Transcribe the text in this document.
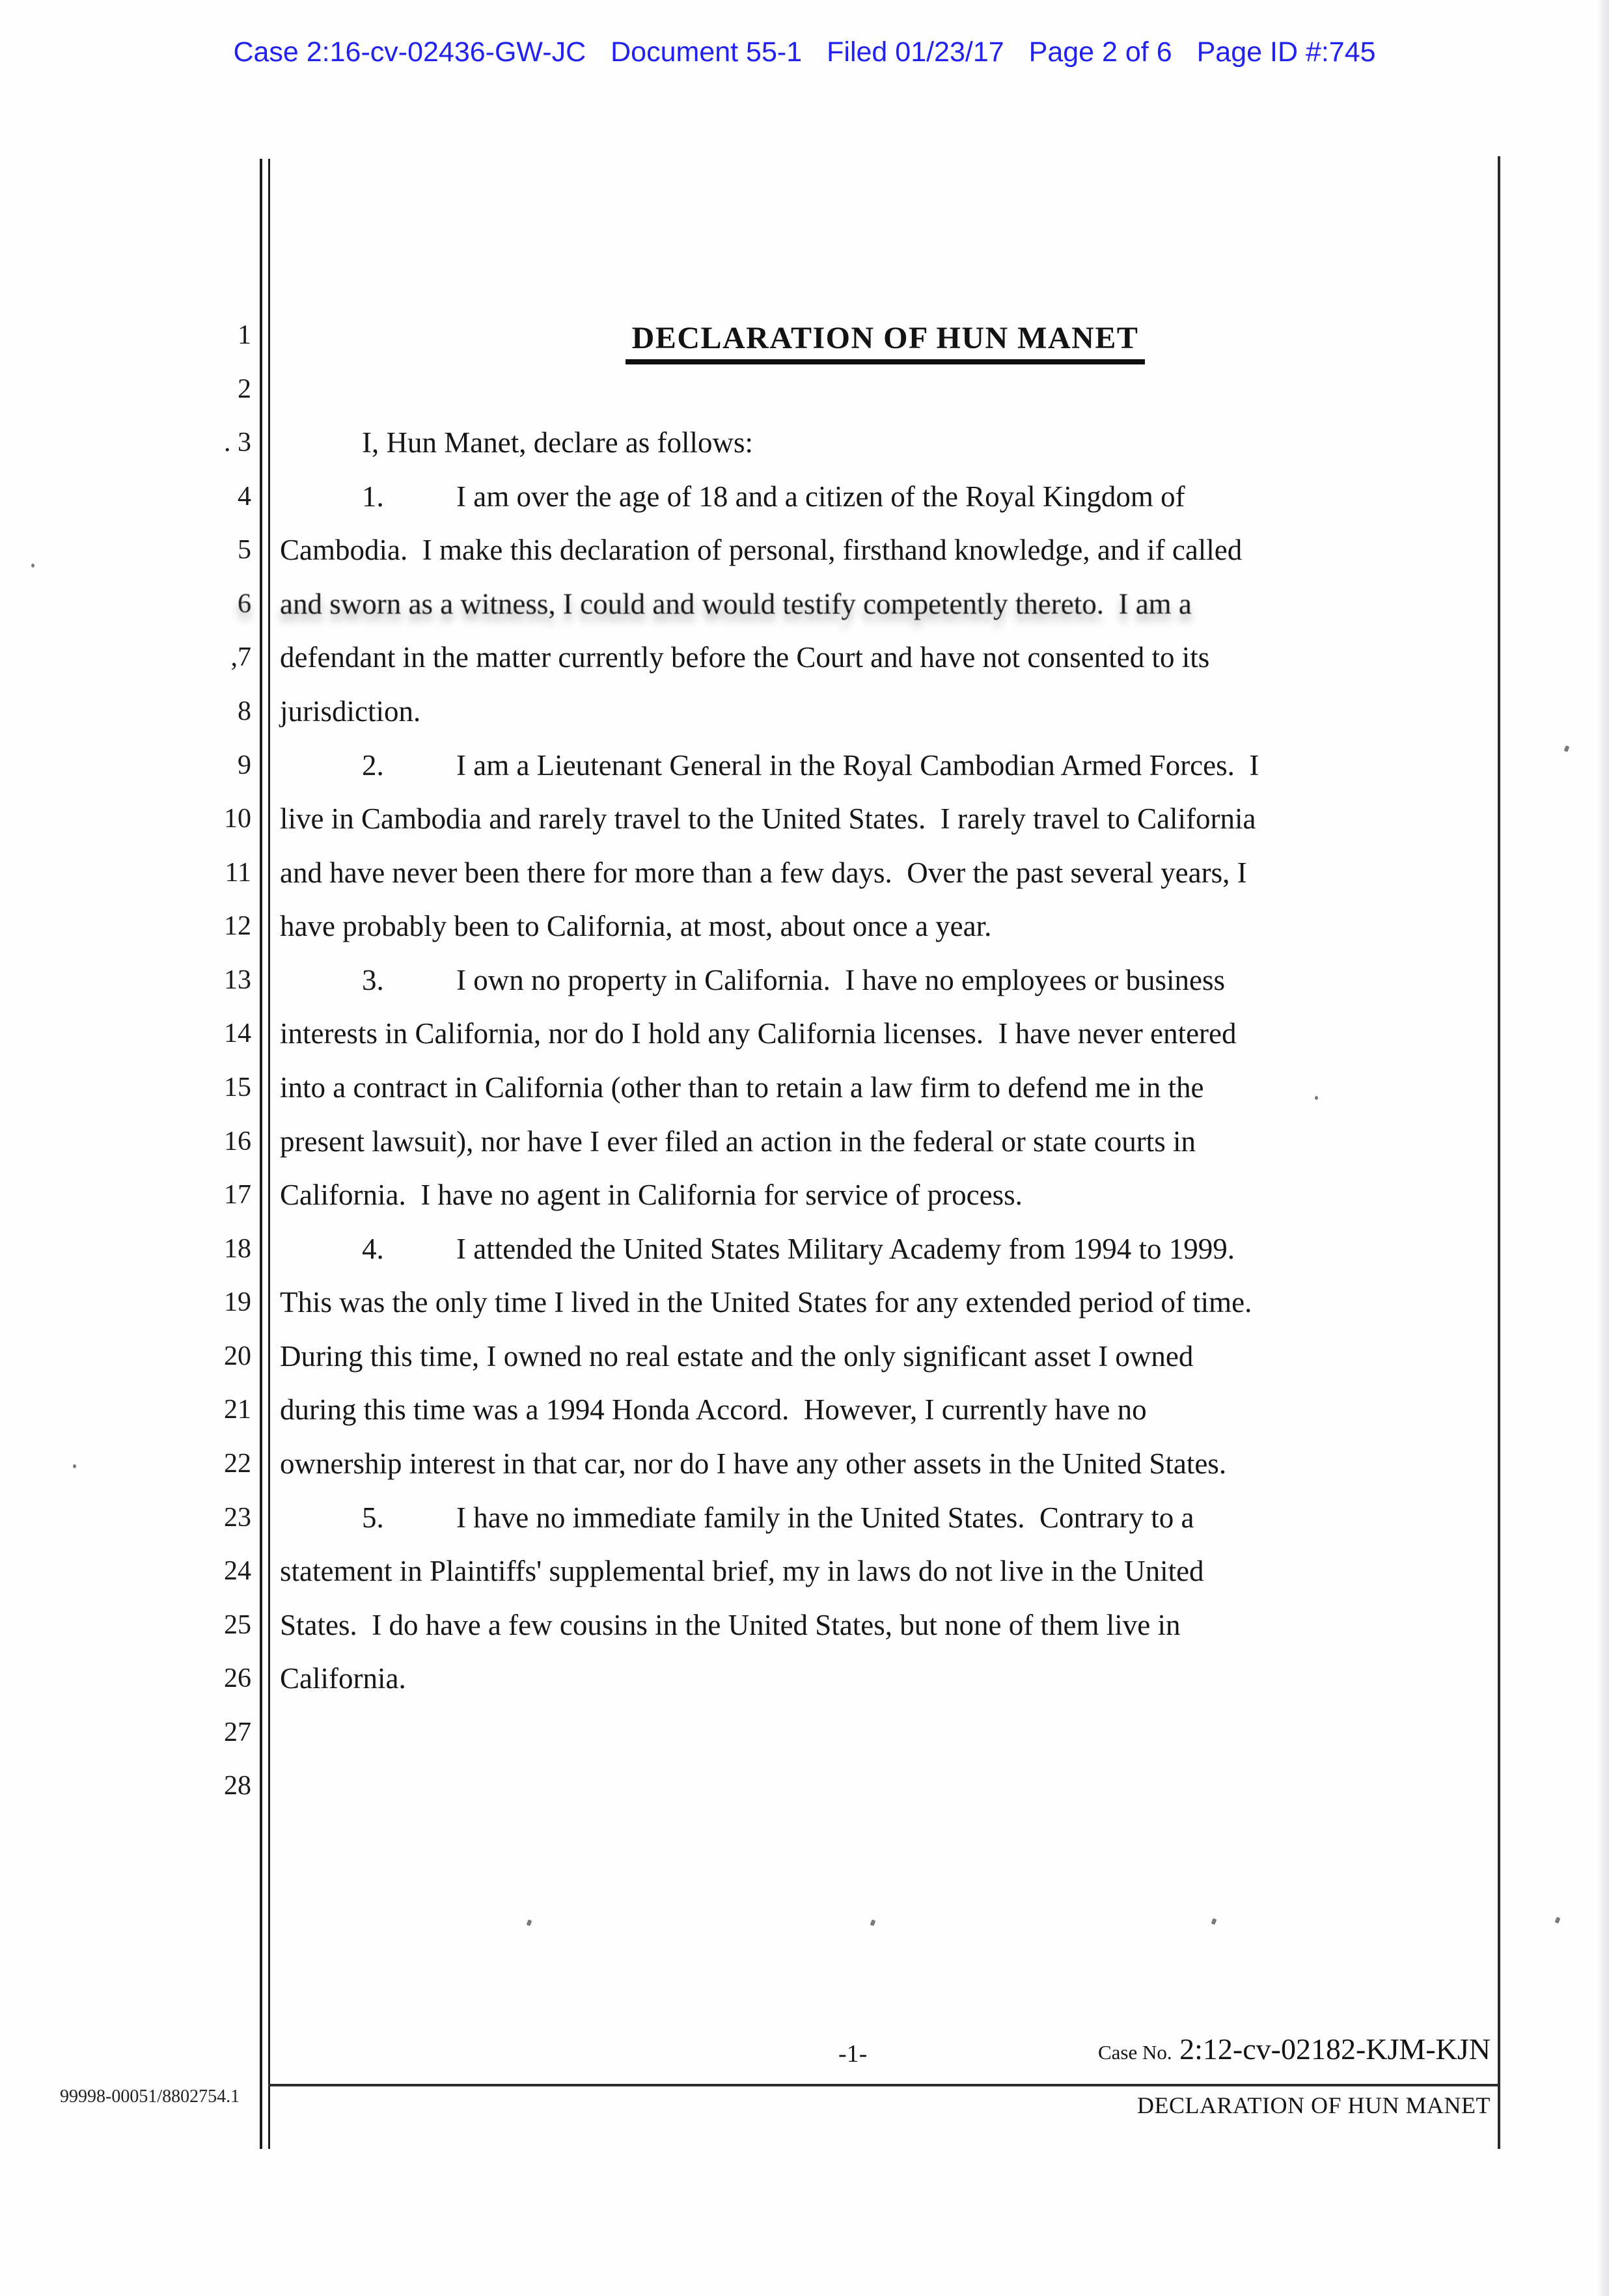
Case 2:16-cv-02436-GW-JC Document 55-1 Filed 01/23/17 Page 2 of 6 Page ID #:745
1
2
. 3
4
5
6
,7
8
9
10
11
12
13
14
15
16
17
18
19
20
21
22
23
24
25
26
27
28
DECLARATION OF HUN MANET
I, Hun Manet, declare as follows:
1. I am over the age of 18 and a citizen of the Royal Kingdom of
Cambodia.  I make this declaration of personal, firsthand knowledge, and if called
and sworn as a witness, I could and would testify competently thereto.  I am a
defendant in the matter currently before the Court and have not consented to its
jurisdiction.
2. I am a Lieutenant General in the Royal Cambodian Armed Forces.  I
live in Cambodia and rarely travel to the United States.  I rarely travel to California
and have never been there for more than a few days.  Over the past several years, I
have probably been to California, at most, about once a year.
3. I own no property in California.  I have no employees or business
interests in California, nor do I hold any California licenses.  I have never entered
into a contract in California (other than to retain a law firm to defend me in the
present lawsuit), nor have I ever filed an action in the federal or state courts in
California.  I have no agent in California for service of process.
4. I attended the United States Military Academy from 1994 to 1999.
This was the only time I lived in the United States for any extended period of time.
During this time, I owned no real estate and the only significant asset I owned
during this time was a 1994 Honda Accord.  However, I currently have no
ownership interest in that car, nor do I have any other assets in the United States.
5. I have no immediate family in the United States.  Contrary to a
statement in Plaintiffs' supplemental brief, my in laws do not live in the United
States.  I do have a few cousins in the United States, but none of them live in
California.
-1-	Case No. 2:12-cv-02182-KJM-KJN
DECLARATION OF HUN MANET
99998-00051/8802754.1
